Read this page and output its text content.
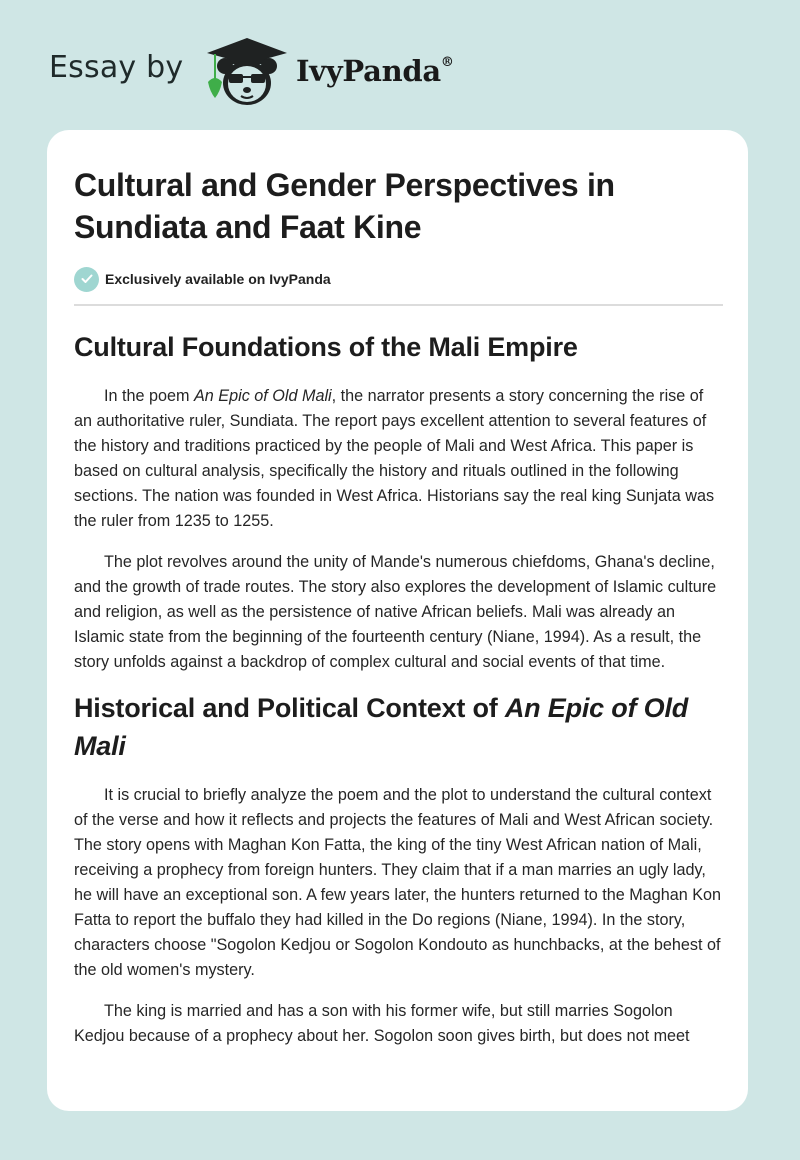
Essay by	IvyPanda®
Cultural and Gender Perspectives in Sundiata and Faat Kine
Exclusively available on IvyPanda
Cultural Foundations of the Mali Empire

In the poem An Epic of Old Mali, the narrator presents a story concerning the rise of an authoritative ruler, Sundiata. The report pays excellent attention to several features of the history and traditions practiced by the people of Mali and West Africa. This paper is based on cultural analysis, specifically the history and rituals outlined in the following sections. The nation was founded in West Africa. Historians say the real king Sunjata was the ruler from 1235 to 1255.

The plot revolves around the unity of Mande's numerous chiefdoms, Ghana's decline, and the growth of trade routes. The story also explores the development of Islamic culture and religion, as well as the persistence of native African beliefs. Mali was already an Islamic state from the beginning of the fourteenth century (Niane, 1994). As a result, the story unfolds against a backdrop of complex cultural and social events of that time.

Historical and Political Context of An Epic of Old Mali

It is crucial to briefly analyze the poem and the plot to understand the cultural context of the verse and how it reflects and projects the features of Mali and West African society. The story opens with Maghan Kon Fatta, the king of the tiny West African nation of Mali, receiving a prophecy from foreign hunters. They claim that if a man marries an ugly lady, he will have an exceptional son. A few years later, the hunters returned to the Maghan Kon Fatta to report the buffalo they had killed in the Do regions (Niane, 1994). In the story, characters choose "Sogolon Kedjou or Sogolon Kondouto as hunchbacks, at the behest of the old women's mystery.

The king is married and has a son with his former wife, but still marries Sogolon Kedjou because of a prophecy about her. Sogolon soon gives birth, but does not meet
